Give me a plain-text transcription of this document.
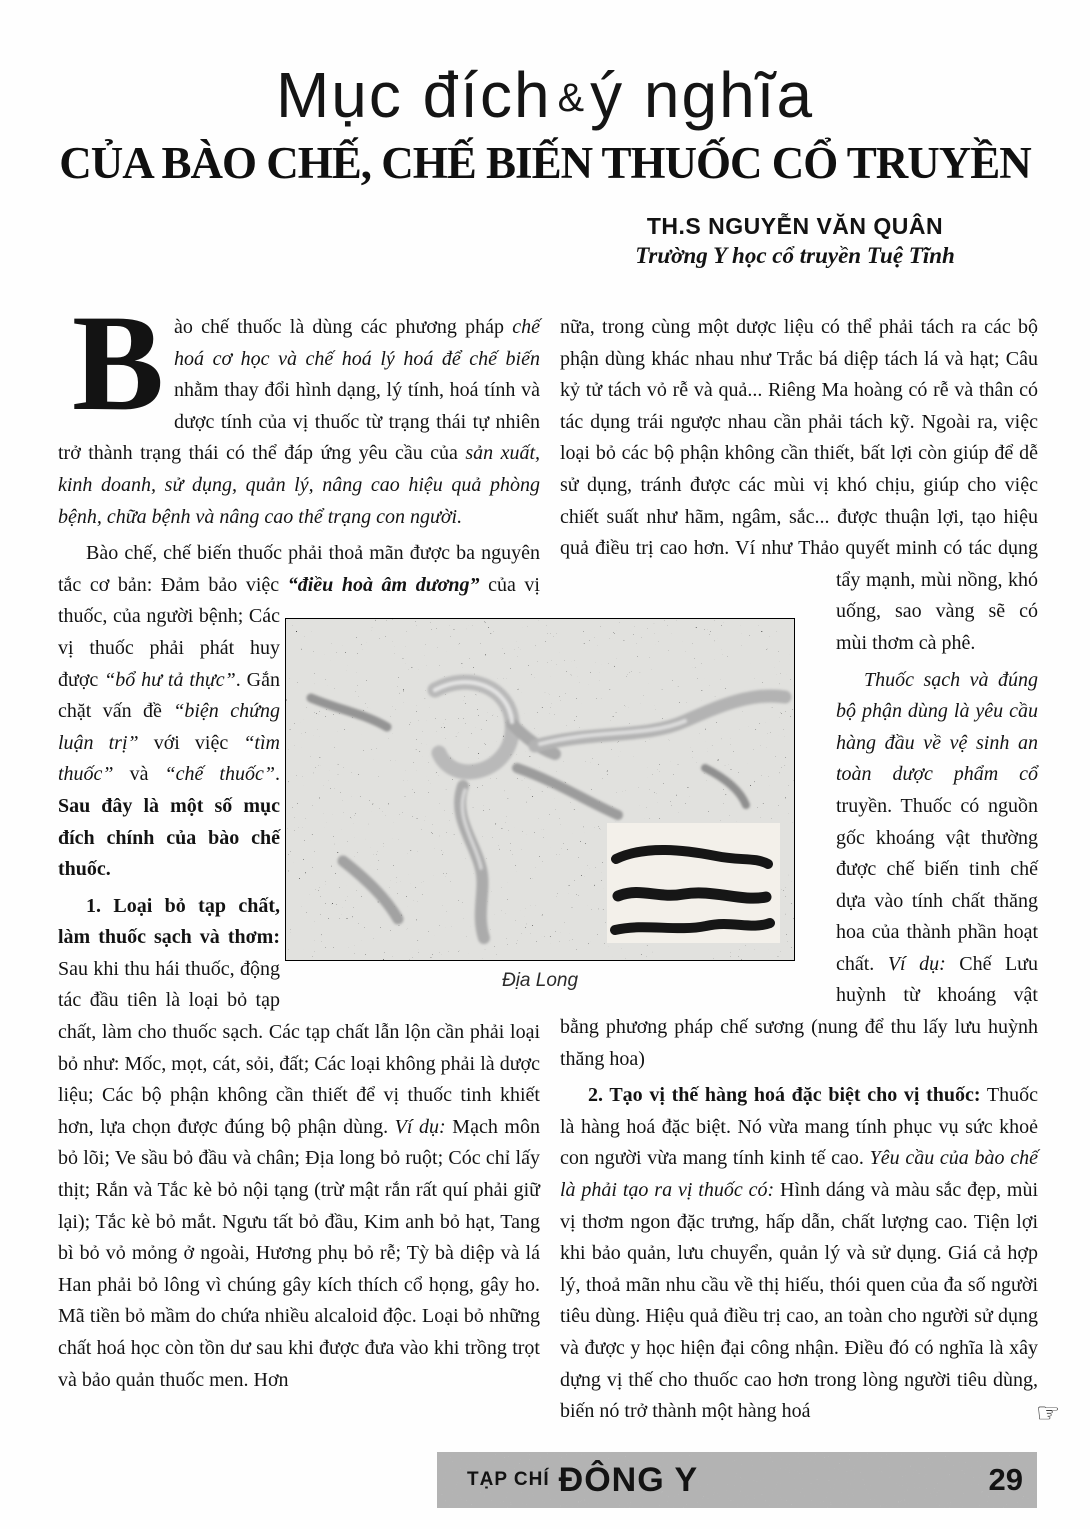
Mục đích &ý nghĩa
CỦA BÀO CHẾ, CHẾ BIẾN THUỐC CỔ TRUYỀN
TH.S NGUYỄN VĂN QUÂN
Trường Y học cổ truyền Tuệ Tĩnh

Bào chế thuốc là dùng các phương pháp chế hoá cơ học và chế hoá lý hoá để chế biến nhằm thay đổi hình dạng, lý tính, hoá tính và dược tính của vị thuốc từ trạng thái tự nhiên trở thành trạng thái có thể đáp ứng yêu cầu của sản xuất, kinh doanh, sử dụng, quản lý, nâng cao hiệu quả phòng bệnh, chữa bệnh và nâng cao thể trạng con người.

Bào chế, chế biến thuốc phải thoả mãn được ba nguyên tắc cơ bản: Đảm bảo việc “điều hoà âm
dương” của vị thuốc, của người bệnh; Các vị thuốc phải phát huy được “bổ hư tả thực”. Gắn chặt vấn đề “biện chứng luận trị” với việc “tìm thuốc” và “chế thuốc”. Sau đây là một số mục đích chính của bào chế thuốc.

1. Loại bỏ tạp chất, làm thuốc sạch và thơm: Sau khi thu hái thuốc, động tác đầu tiên là loại bỏ tạp chất, làm cho thuốc sạch. Các tạp chất lẫn lộn cần phải loại bỏ như: Mốc, mọt, cát, sỏi, đất; Các loại không phải là dược liệu; Các bộ phận không cần thiết để vị thuốc tinh khiết hơn, lựa chọn được đúng bộ phận dùng. Ví dụ: Mạch môn bỏ lõi; Ve sầu bỏ đầu và chân; Địa long bỏ ruột; Cóc chỉ lấy thịt; Rắn và Tắc kè bỏ nội tạng (trừ mật rắn rất quí phải giữ lại); Tắc kè bỏ mắt. Ngưu tất bỏ đầu, Kim anh bỏ hạt, Tang bì bỏ vỏ mỏng ở ngoài, Hương phụ bỏ rễ; Tỳ bà diệp và lá Han phải bỏ lông vì chúng gây kích thích cổ họng, gây ho. Mã tiền bỏ mầm do chứa nhiều alcaloid độc. Loại bỏ những chất hoá học còn tồn dư sau khi được đưa vào khi trồng trọt và bảo quản thuốc men. Hơn

nữa, trong cùng một dược liệu có thể phải tách ra các bộ phận dùng khác nhau như Trắc bá diệp tách lá và hạt; Câu kỷ tử tách vỏ rễ và quả... Riêng Ma hoàng có rễ và thân có tác dụng trái ngược nhau cần phải tách kỹ. Ngoài ra, việc loại bỏ các bộ phận không cần thiết, bất lợi còn giúp để dễ sử dụng, tránh được các mùi vị khó chịu, giúp cho việc chiết suất như hãm, ngâm, sắc... được thuận lợi, tạo hiệu quả điều trị cao hơn. Ví như Thảo quyết minh có tác dụng tẩy
mạnh, mùi nồng, khó uống, sao vàng sẽ có mùi thơm cà phê.

Thuốc sạch và đúng bộ phận dùng là yêu cầu hàng đầu về vệ sinh an toàn dược phẩm cổ truyền. Thuốc có nguồn gốc khoáng vật thường được chế biến tinh chế dựa vào tính chất thăng hoa của thành phần hoạt chất. Ví dụ: Chế Lưu huỳnh từ khoáng vật bằng phương pháp chế sương (nung để thu lấy lưu huỳnh thăng hoa)

2. Tạo vị thế hàng hoá đặc biệt cho vị thuốc: Thuốc là hàng hoá đặc biệt. Nó vừa mang tính phục vụ sức khoẻ con người vừa mang tính kinh tế cao. Yêu cầu của bào chế là phải tạo ra vị thuốc có: Hình dáng và màu sắc đẹp, mùi vị thơm ngon đặc trưng, hấp dẫn, chất lượng cao. Tiện lợi khi bảo quản, lưu chuyển, quản lý và sử dụng. Giá cả hợp lý, thoả mãn nhu cầu về thị hiếu, thói quen của đa số người tiêu dùng. Hiệu quả điều trị cao, an toàn cho người sử dụng và được y học hiện đại công nhận. Điều đó có nghĩa là xây dựng vị thế cho thuốc cao hơn trong lòng người tiêu dùng, biến nó trở thành một hàng hoá

Địa Long
☞
TẠP CHÍ ĐÔNG Y	29
